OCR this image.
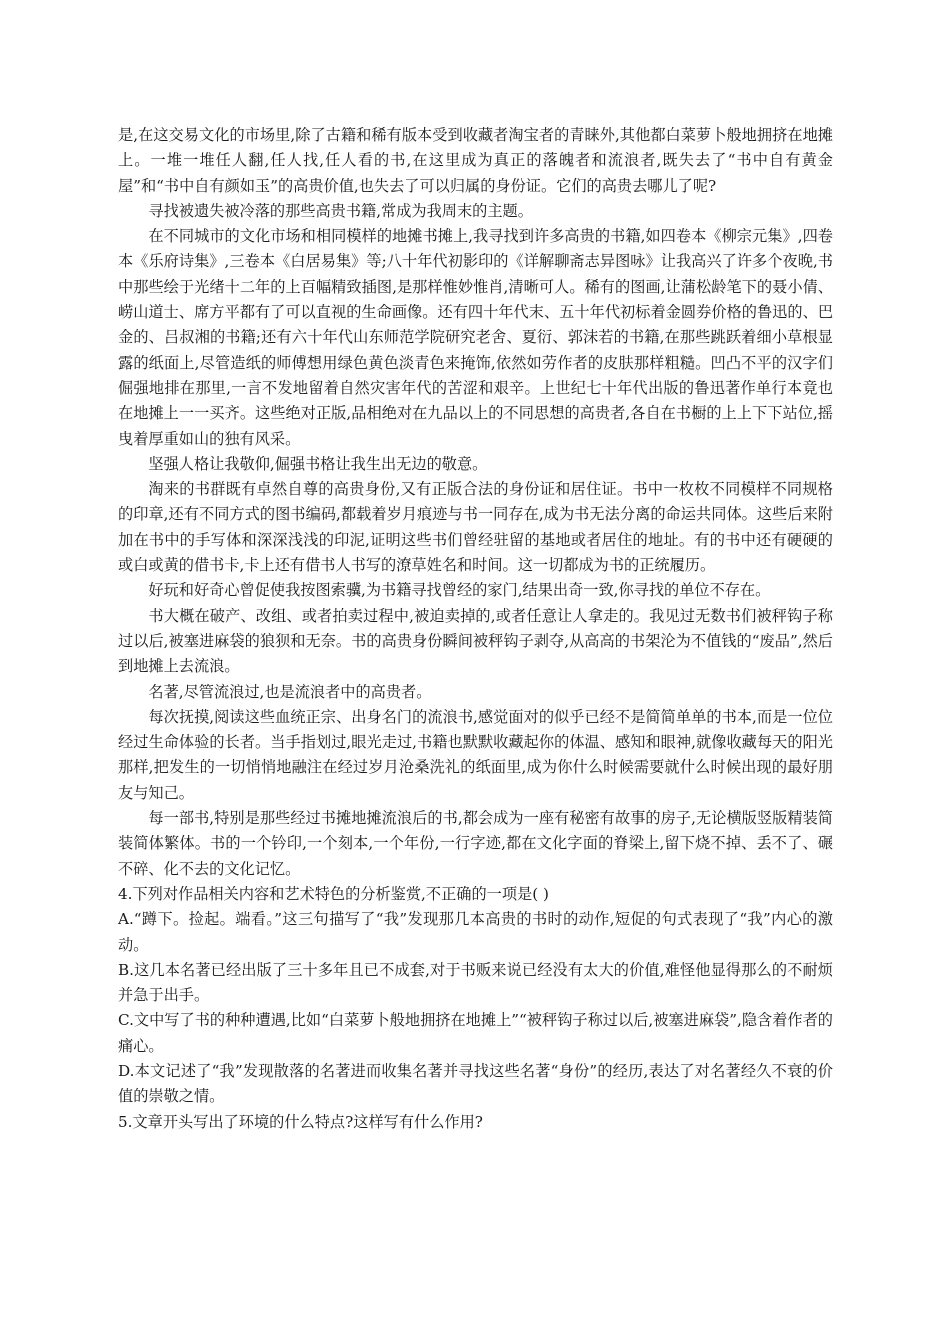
是,在这交易文化的市场里,除了古籍和稀有版本受到收藏者淘宝者的青睐外,其他都白菜萝卜般地拥挤在地摊上。一堆一堆任人翻,任人找,任人看的书,在这里成为真正的落魄者和流浪者,既失去了“书中自有黄金屋”和“书中自有颜如玉”的高贵价值,也失去了可以归属的身份证。它们的高贵去哪儿了呢?

寻找被遗失被冷落的那些高贵书籍,常成为我周末的主题。

在不同城市的文化市场和相同模样的地摊书摊上,我寻找到许多高贵的书籍,如四卷本《柳宗元集》,四卷本《乐府诗集》,三卷本《白居易集》等;八十年代初影印的《详解聊斋志异图咏》让我高兴了许多个夜晚,书中那些绘于光绪十二年的上百幅精致插图,是那样惟妙惟肖,清晰可人。稀有的图画,让蒲松龄笔下的聂小倩、崂山道士、席方平都有了可以直视的生命画像。还有四十年代末、五十年代初标着金圆券价格的鲁迅的、巴金的、吕叔湘的书籍;还有六十年代山东师范学院研究老舍、夏衍、郭沫若的书籍,在那些跳跃着细小草根显露的纸面上,尽管造纸的师傅想用绿色黄色淡青色来掩饰,依然如劳作者的皮肤那样粗糙。凹凸不平的汉字们倔强地排在那里,一言不发地留着自然灾害年代的苦涩和艰辛。上世纪七十年代出版的鲁迅著作单行本竟也在地摊上一一买齐。这些绝对正版,品相绝对在九品以上的不同思想的高贵者,各自在书橱的上上下下站位,摇曳着厚重如山的独有风采。

坚强人格让我敬仰,倔强书格让我生出无边的敬意。

淘来的书群既有卓然自尊的高贵身份,又有正版合法的身份证和居住证。书中一枚枚不同模样不同规格的印章,还有不同方式的图书编码,都载着岁月痕迹与书一同存在,成为书无法分离的命运共同体。这些后来附加在书中的手写体和深深浅浅的印泥,证明这些书们曾经驻留的基地或者居住的地址。有的书中还有硬硬的或白或黄的借书卡,卡上还有借书人书写的潦草姓名和时间。这一切都成为书的正统履历。

好玩和好奇心曾促使我按图索骥,为书籍寻找曾经的家门,结果出奇一致,你寻找的单位不存在。

书大概在破产、改组、或者拍卖过程中,被迫卖掉的,或者任意让人拿走的。我见过无数书们被秤钩子称过以后,被塞进麻袋的狼狈和无奈。书的高贵身份瞬间被秤钩子剥夺,从高高的书架沦为不值钱的“废品”,然后到地摊上去流浪。

名著,尽管流浪过,也是流浪者中的高贵者。

每次抚摸,阅读这些血统正宗、出身名门的流浪书,感觉面对的似乎已经不是简简单单的书本,而是一位位经过生命体验的长者。当手指划过,眼光走过,书籍也默默收藏起你的体温、感知和眼神,就像收藏每天的阳光那样,把发生的一切悄悄地融注在经过岁月沧桑洗礼的纸面里,成为你什么时候需要就什么时候出现的最好朋友与知己。

每一部书,特别是那些经过书摊地摊流浪后的书,都会成为一座有秘密有故事的房子,无论横版竖版精装简装简体繁体。书的一个钤印,一个刻本,一个年份,一行字迹,都在文化字面的脊梁上,留下烧不掉、丢不了、碾不碎、化不去的文化记忆。

4.下列对作品相关内容和艺术特色的分析鉴赏,不正确的一项是( )

A.“蹲下。捡起。端看。”这三句描写了“我”发现那几本高贵的书时的动作,短促的句式表现了“我”内心的激动。

B.这几本名著已经出版了三十多年且已不成套,对于书贩来说已经没有太大的价值,难怪他显得那么的不耐烦并急于出手。

C.文中写了书的种种遭遇,比如“白菜萝卜般地拥挤在地摊上”“被秤钩子称过以后,被塞进麻袋”,隐含着作者的痛心。

D.本文记述了“我”发现散落的名著进而收集名著并寻找这些名著“身份”的经历,表达了对名著经久不衰的价值的崇敬之情。

5.文章开头写出了环境的什么特点?这样写有什么作用?
